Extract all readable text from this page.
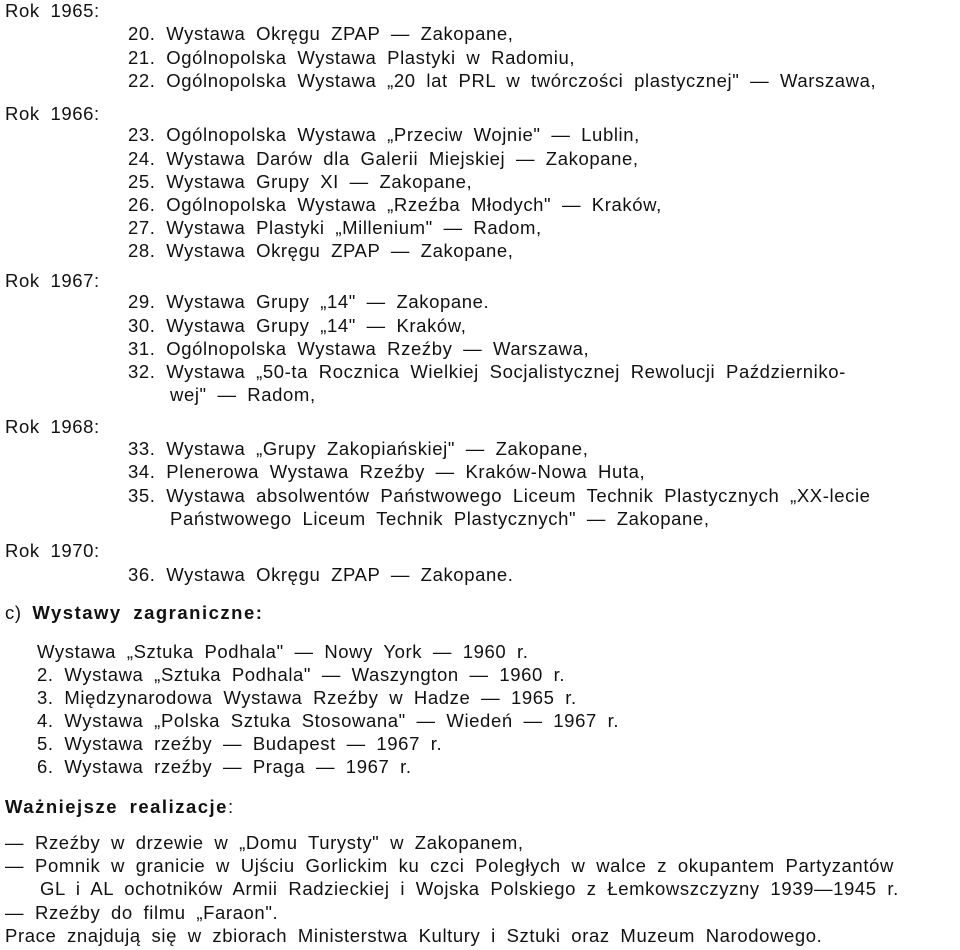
Rok 1965:
20. Wystawa Okręgu ZPAP — Zakopane,
21. Ogólnopolska Wystawa Plastyki w Radomiu,
22. Ogólnopolska Wystawa „20 lat PRL w twórczości plastycznej" — Warszawa,
Rok 1966:
23. Ogólnopolska Wystawa „Przeciw Wojnie" — Lublin,
24. Wystawa Darów dla Galerii Miejskiej — Zakopane,
25. Wystawa Grupy XI — Zakopane,
26. Ogólnopolska Wystawa „Rzeźba Młodych" — Kraków,
27. Wystawa Plastyki „Millenium" — Radom,
28. Wystawa Okręgu ZPAP — Zakopane,
Rok 1967:
29. Wystawa Grupy „14" — Zakopane.
30. Wystawa Grupy „14" — Kraków,
31. Ogólnopolska Wystawa Rzeźby — Warszawa,
32. Wystawa „50-ta Rocznica Wielkiej Socjalistycznej Rewolucji Październiko-
wej" — Radom,
Rok 1968:
33. Wystawa „Grupy Zakopiańskiej" — Zakopane,
34. Plenerowa Wystawa Rzeźby — Kraków-Nowa Huta,
35. Wystawa absolwentów Państwowego Liceum Technik Plastycznych „XX-lecie
Państwowego Liceum Technik Plastycznych" — Zakopane,
Rok 1970:
36. Wystawa Okręgu ZPAP — Zakopane.
c) Wystawy zagraniczne:
Wystawa „Sztuka Podhala" — Nowy York — 1960 r.
2. Wystawa „Sztuka Podhala" — Waszyngton — 1960 r.
3. Międzynarodowa Wystawa Rzeźby w Hadze — 1965 r.
4. Wystawa „Polska Sztuka Stosowana" — Wiedeń — 1967 r.
5. Wystawa rzeźby — Budapest — 1967 r.
6. Wystawa rzeźby — Praga — 1967 r.
Ważniejsze realizacje:
— Rzeźby w drzewie w „Domu Turysty" w Zakopanem,
— Pomnik w granicie w Ujściu Gorlickim ku czci Poległych w walce z okupantem Partyzantów
GL i AL ochotników Armii Radzieckiej i Wojska Polskiego z Łemkowszczyzny 1939—1945 r.
— Rzeźby do filmu „Faraon".
Prace znajdują się w zbiorach Ministerstwa Kultury i Sztuki oraz Muzeum Narodowego.
